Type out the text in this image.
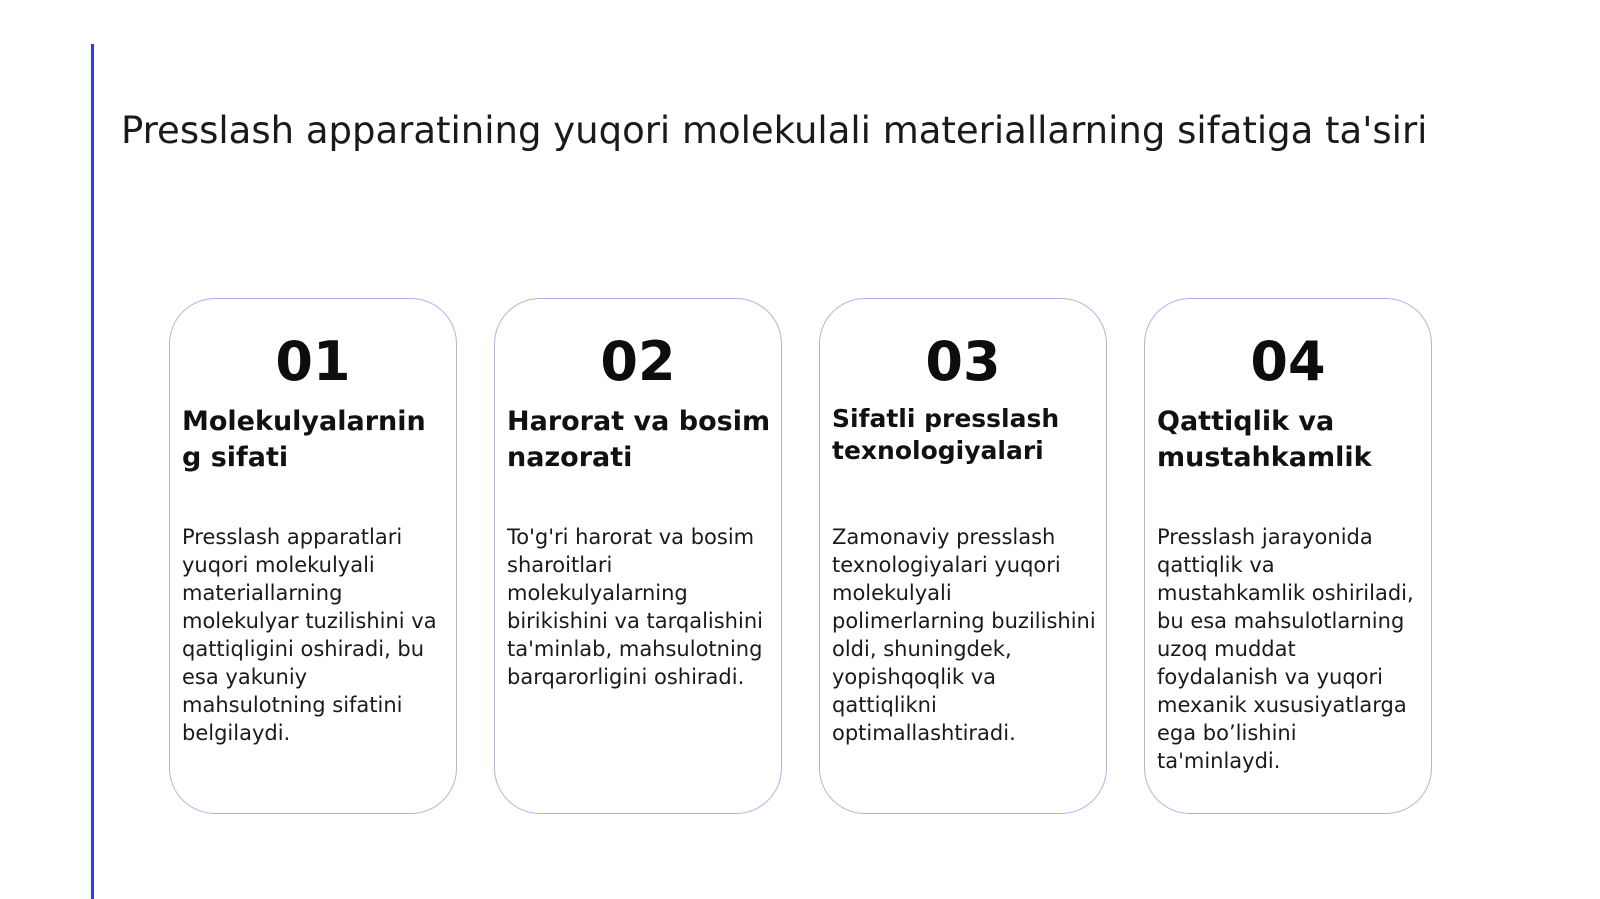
Presslash apparatining yuqori molekulali materiallarning sifatiga ta'siri
01
Molekulyalarnin
g sifati
Presslash apparatlari yuqori molekulyali materiallarning molekulyar tuzilishini va qattiqligini oshiradi, bu esa yakuniy mahsulotning sifatini belgilaydi.
02
Harorat va bosim
nazorati
To'g'ri harorat va bosim sharoitlari molekulyalarning birikishini va tarqalishini ta'minlab, mahsulotning barqarorligini oshiradi.
03
Sifatli presslash
texnologiyalari
Zamonaviy presslash texnologiyalari yuqori molekulyali polimerlarning buzilishini oldi, shuningdek, yopishqoqlik va qattiqlikni optimallashtiradi.
04
Qattiqlik va
mustahkamlik
Presslash jarayonida qattiqlik va mustahkamlik oshiriladi, bu esa mahsulotlarning uzoq muddat foydalanish va yuqori mexanik xususiyatlarga ega bo’lishini ta'minlaydi.
